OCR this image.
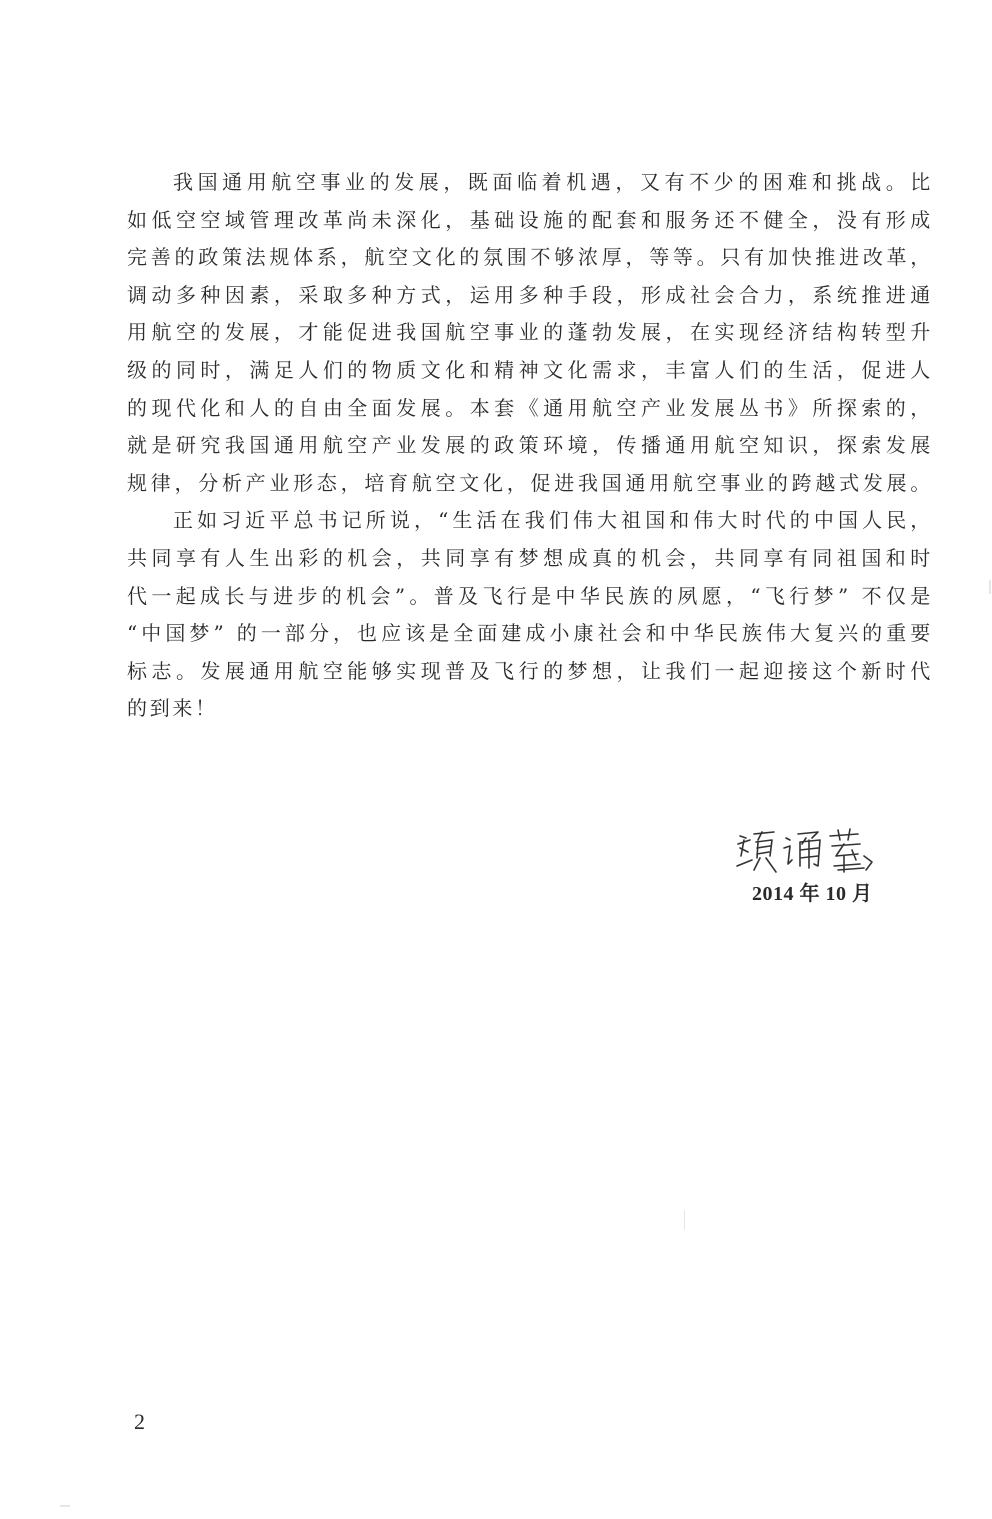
我国通用航空事业的发展，既面临着机遇，又有不少的困难和挑战。比
如低空空域管理改革尚未深化，基础设施的配套和服务还不健全，没有形成
完善的政策法规体系，航空文化的氛围不够浓厚，等等。只有加快推进改革，
调动多种因素，采取多种方式，运用多种手段，形成社会合力，系统推进通
用航空的发展，才能促进我国航空事业的蓬勃发展，在实现经济结构转型升
级的同时，满足人们的物质文化和精神文化需求，丰富人们的生活，促进人
的现代化和人的自由全面发展。本套《通用航空产业发展丛书》所探索的，
就是研究我国通用航空产业发展的政策环境，传播通用航空知识，探索发展
规律，分析产业形态，培育航空文化，促进我国通用航空事业的跨越式发展。
正如习近平总书记所说，“生活在我们伟大祖国和伟大时代的中国人民，
共同享有人生出彩的机会，共同享有梦想成真的机会，共同享有同祖国和时
代一起成长与进步的机会”。普及飞行是中华民族的夙愿，“飞行梦” 不仅是
“中国梦” 的一部分，也应该是全面建成小康社会和中华民族伟大复兴的重要
标志。发展通用航空能够实现普及飞行的梦想，让我们一起迎接这个新时代
的到来！
2014 年 10 月
2
